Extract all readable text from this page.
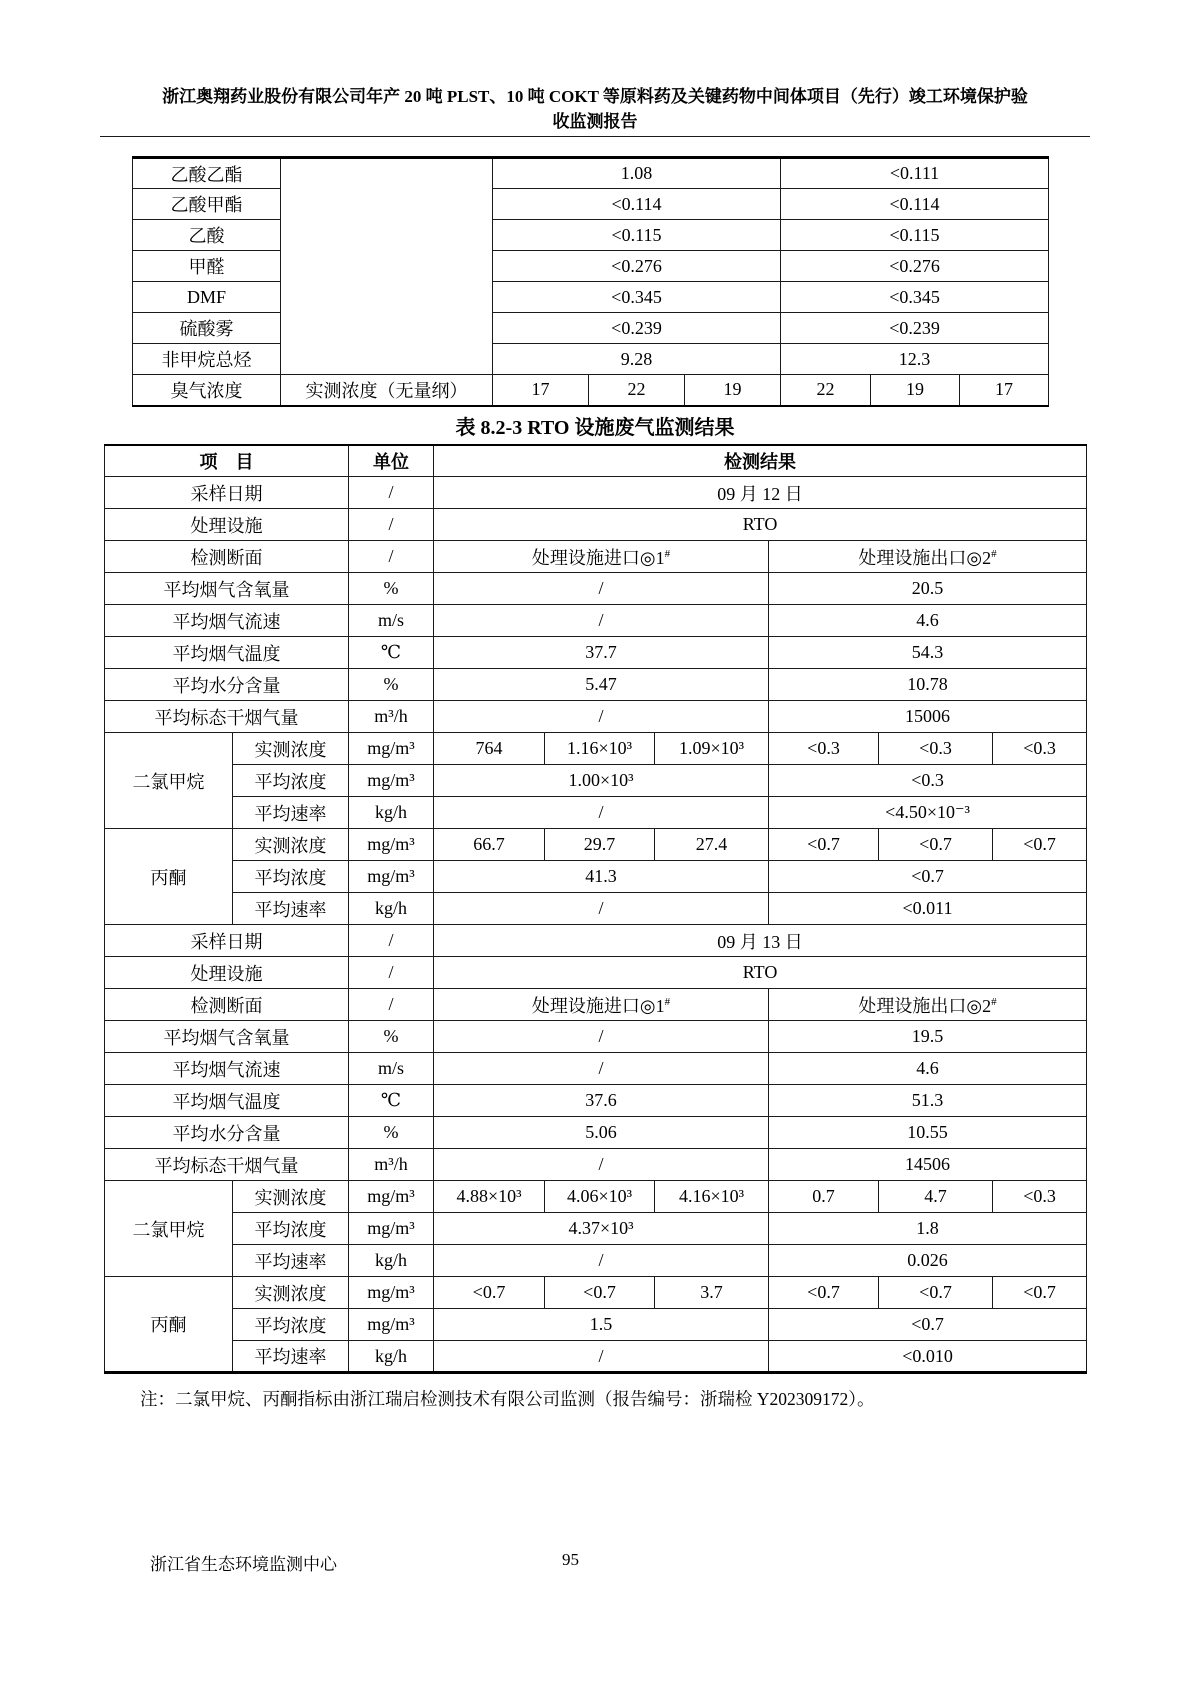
浙江奥翔药业股份有限公司年产 20 吨 PLST、10 吨 COKT 等原料药及关键药物中间体项目（先行）竣工环境保护验
收监测报告
乙酸乙酯		1.08			<0.111		
乙酸甲酯		<0.114			<0.114		
乙酸		<0.115			<0.115		
甲醛		<0.276			<0.276		
DMF		<0.345			<0.345		
硫酸雾		<0.239			<0.239		
非甲烷总烃		9.28			12.3		
臭气浓度	实测浓度（无量纲）	17	22	19	22	19	17
表 8.2-3 RTO 设施废气监测结果
项　目		单位	检测结果					
采样日期		/	09 月 12 日					
处理设施		/	RTO					
检测断面		/	处理设施进口◎1#			处理设施出口◎2#
平均烟气含氧量		%	/			20.5		
平均烟气流速		m/s	/			4.6		
平均烟气温度		℃	37.7			54.3		
平均水分含量		%	5.47			10.78		
平均标态干烟气量		m³/h	/			15006		
二氯甲烷	实测浓度	mg/m³	764	1.16×10³	1.09×10³	<0.3	<0.3	<0.3
	平均浓度	mg/m³	1.00×10³			<0.3		
	平均速率	kg/h	/			<4.50×10⁻³		
丙酮	实测浓度	mg/m³	66.7	29.7	27.4	<0.7	<0.7	<0.7
	平均浓度	mg/m³	41.3			<0.7		
	平均速率	kg/h	/			<0.011		
采样日期		/	09 月 13 日					
处理设施		/	RTO					
检测断面		/	处理设施进口◎1#			处理设施出口◎2#
平均烟气含氧量		%	/			19.5		
平均烟气流速		m/s	/			4.6		
平均烟气温度		℃	37.6			51.3		
平均水分含量		%	5.06			10.55		
平均标态干烟气量		m³/h	/			14506		
二氯甲烷	实测浓度	mg/m³	4.88×10³	4.06×10³	4.16×10³	0.7	4.7	<0.3
	平均浓度	mg/m³	4.37×10³			1.8		
	平均速率	kg/h	/			0.026		
丙酮	实测浓度	mg/m³	<0.7	<0.7	3.7	<0.7	<0.7	<0.7
	平均浓度	mg/m³	1.5			<0.7		
	平均速率	kg/h	/			<0.010		
注：二氯甲烷、丙酮指标由浙江瑞启检测技术有限公司监测（报告编号：浙瑞检 Y202309172）。
浙江省生态环境监测中心	95
